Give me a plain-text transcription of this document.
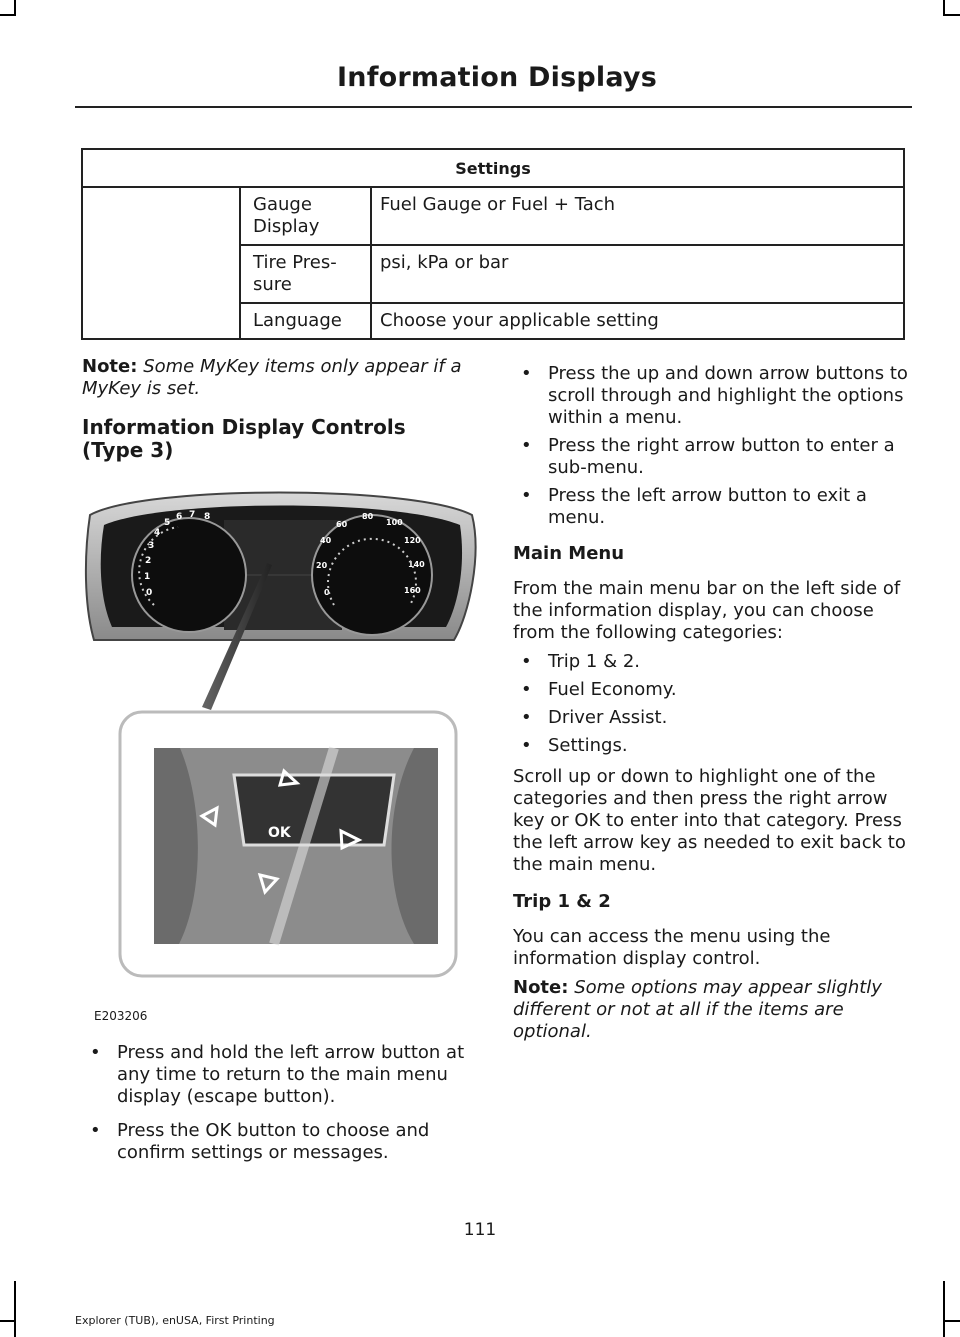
Information Displays
Settings		
	Gauge Display	Fuel Gauge or Fuel + Tach
	Tire Pres- sure	psi, kPa or bar
	Language	Choose your applicable setting
Note: Some MyKey items only appear if a MyKey is set.
Information Display Controls (Type 3)
0
1
2
3
4
5
6 7 8
0
20
40
60
80
100
120
140
160
OK
E203206
• Press and hold the left arrow button at any time to return to the main menu display (escape button).
• Press the OK button to choose and confirm settings or messages.
• Press the up and down arrow buttons to scroll through and highlight the options within a menu.
• Press the right arrow button to enter a sub-menu.
• Press the left arrow button to exit a menu.
Main Menu
From the main menu bar on the left side of the information display, you can choose from the following categories:
• Trip 1 & 2.
• Fuel Economy.
• Driver Assist.
• Settings.
Scroll up or down to highlight one of the categories and then press the right arrow key or OK to enter into that category. Press the left arrow key as needed to exit back to the main menu.
Trip 1 & 2
You can access the menu using the information display control.
Note: Some options may appear slightly different or not at all if the items are optional.
111
Explorer (TUB), enUSA, First Printing
